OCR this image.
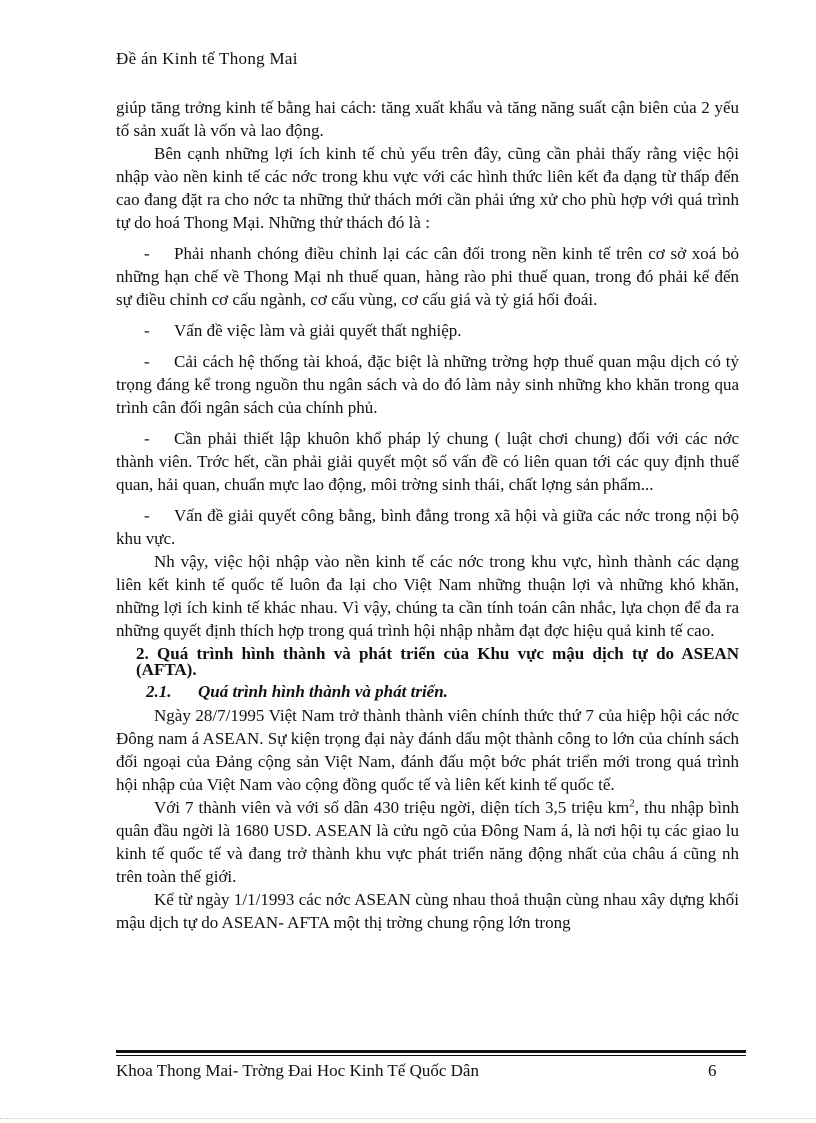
Đề án Kinh tế Thong Mai

giúp tăng trởng kinh tế bằng hai cách: tăng xuất khẩu và tăng năng suất cận biên của 2 yếu tố sản xuất là vốn và lao động.

Bên cạnh những lợi ích kinh tế chủ yếu trên đây, cũng cần phải thấy rằng việc hội nhập vào nền kinh tế các nớc trong khu vực với các hình thức liên kết đa dạng từ thấp đến cao đang đặt ra cho nớc ta những thử thách mới cần phải ứng xử cho phù hợp với quá trình tự do hoá Thong Mại. Những thử thách đó là :

- Phải nhanh chóng điều chỉnh lại các cân đối trong nền kinh tế trên cơ sở xoá bỏ những hạn chế về Thong Mại nh thuế quan, hàng rào phi thuế quan, trong đó phải kể đến sự điều chỉnh cơ cấu ngành, cơ cấu vùng, cơ cấu giá và tỷ giá hối đoái.

- Vấn đề việc làm và giải quyết thất nghiệp.

- Cải cách hệ thống tài khoá, đặc biệt là những trờng hợp thuế quan mậu dịch có tỷ trọng đáng kể trong nguồn thu ngân sách và do đó làm nảy sinh những kho khăn trong qua trình cân đối ngân sách của chính phủ.

- Cần phải thiết lập khuôn khổ pháp lý chung ( luật chơi chung) đối với các nớc thành viên. Trớc hết, cần phải giải quyết một số vấn đề có liên quan tới các quy định thuế quan, hải quan, chuẩn mực lao động, môi trờng sinh thái, chất lợng sản phẩm...

- Vấn đề giải quyết công bằng, bình đẳng trong xã hội và giữa các nớc trong nội bộ khu vực.

Nh vậy, việc hội nhập vào nền kinh tế các nớc trong khu vực, hình thành các dạng liên kết kinh tế quốc tế luôn đa lại cho Việt Nam những thuận lợi và những khó khăn, những lợi ích kinh tế khác nhau. Vì vậy, chúng ta cần tính toán cân nhắc, lựa chọn để đa ra những quyết định thích hợp trong quá trình hội nhập nhằm đạt đợc hiệu quả kinh tế cao.

2. Quá trình hình thành và phát triển của Khu vực mậu dịch tự do ASEAN (AFTA).

2.1. Quá trình hình thành và phát triển.

Ngày 28/7/1995 Việt Nam trở thành thành viên chính thức thứ 7 của hiệp hội các nớc Đông nam á ASEAN. Sự kiện trọng đại này đánh dấu một thành công to lớn của chính sách đối ngoại của Đảng cộng sản Việt Nam, đánh đấu một bớc phát triển mới trong quá trình hội nhập của Việt Nam vào cộng đồng quốc tế và liên kết kinh tế quốc tế.

Với 7 thành viên và với số dân 430 triệu ngời, diện tích 3,5 triệu $km^2$, thu nhập bình quân đầu ngời là 1680 USD. ASEAN là cửu ngõ của Đông Nam á, là nơi hội tụ các giao lu kinh tế quốc tế và đang trở thành khu vực phát triển năng động nhất của châu á cũng nh trên toàn thế giới.

Kể từ ngày 1/1/1993 các nớc ASEAN cùng nhau thoả thuận cùng nhau xây dựng khối mậu dịch tự do ASEAN- AFTA một thị trờng chung rộng lớn trong

Khoa Thong Mai- Trờng Đai Hoc Kinh Tế Quốc Dân	6
